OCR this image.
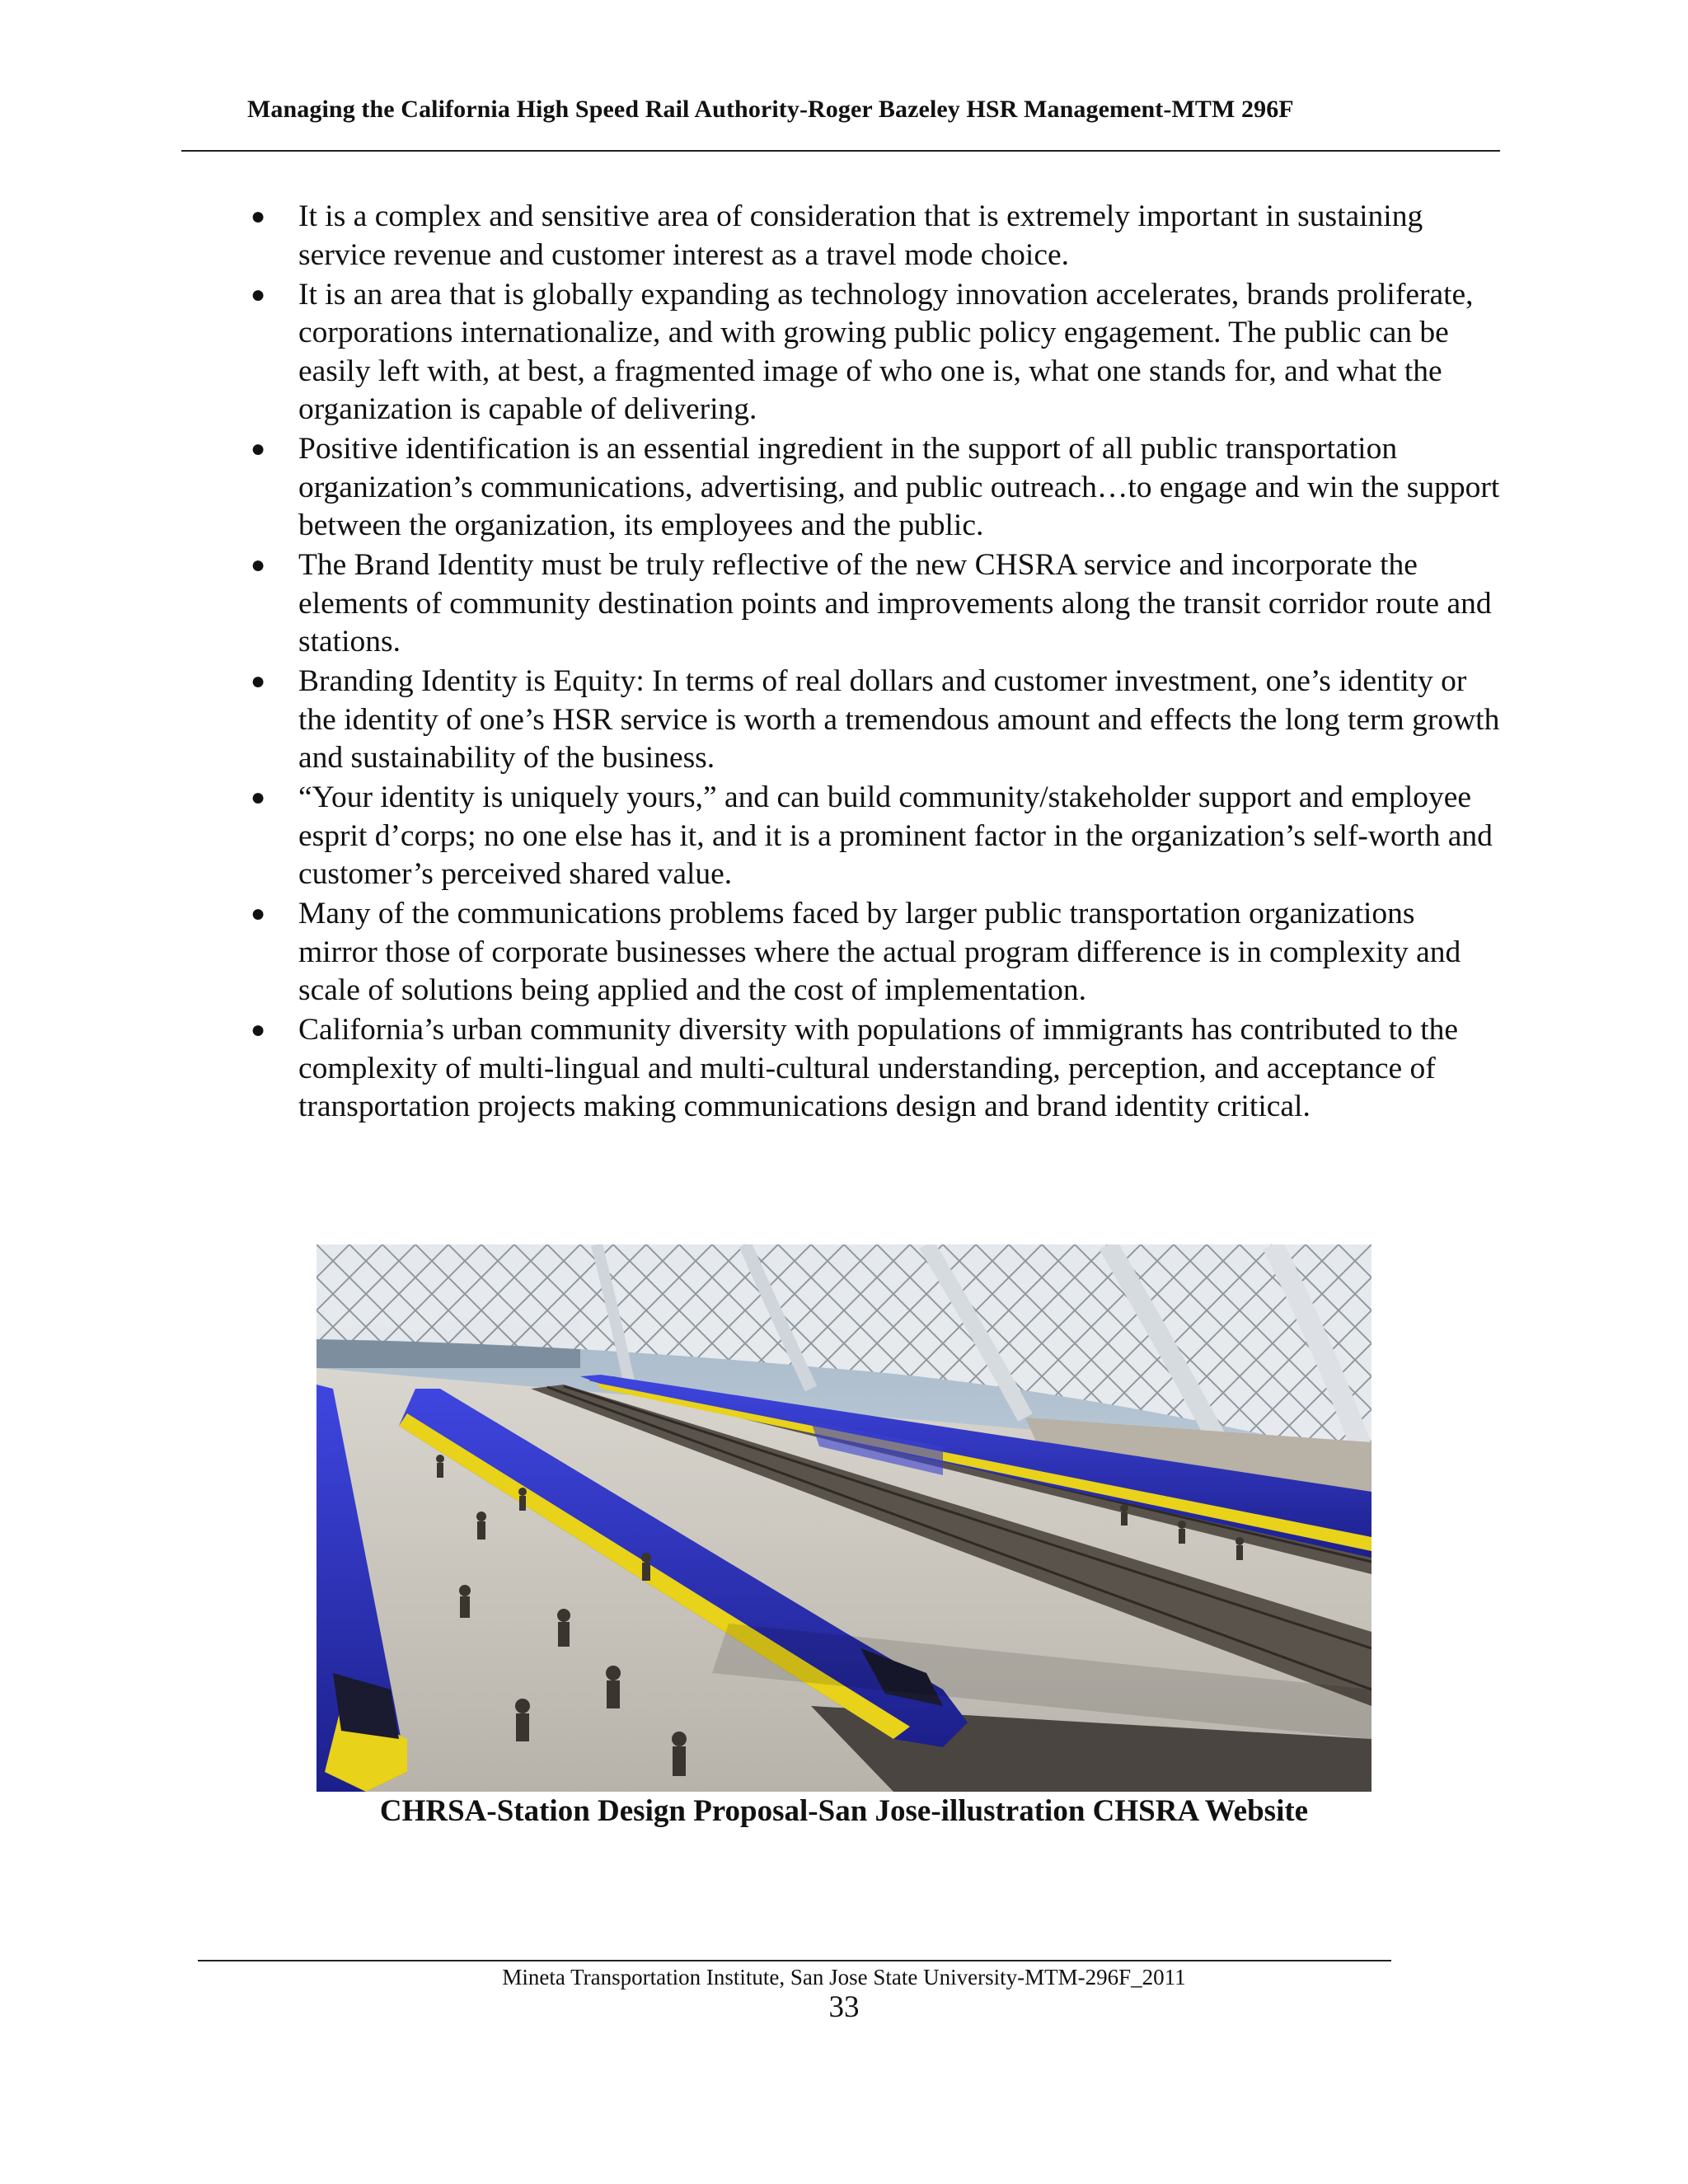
Managing the California High Speed Rail Authority-Roger Bazeley HSR Management-MTM 296F
● It is a complex and sensitive area of consideration that is extremely important in sustaining service revenue and customer interest as a travel mode choice.
● It is an area that is globally expanding as technology innovation accelerates, brands proliferate, corporations internationalize, and with growing public policy engagement. The public can be easily left with, at best, a fragmented image of who one is, what one stands for, and what the organization is capable of delivering.
● Positive identification is an essential ingredient in the support of all public transportation organization’s communications, advertising, and public outreach…to engage and win the support between the organization, its employees and the public.
● The Brand Identity must be truly reflective of the new CHSRA service and incorporate the elements of community destination points and improvements along the transit corridor route and stations.
● Branding Identity is Equity: In terms of real dollars and customer investment, one’s identity or the identity of one’s HSR service is worth a tremendous amount and effects the long term growth and sustainability of the business.
● “Your identity is uniquely yours,” and can build community/stakeholder support and employee esprit d’corps; no one else has it, and it is a prominent factor in the organization’s self-worth and customer’s perceived shared value.
● Many of the communications problems faced by larger public transportation organizations mirror those of corporate businesses where the actual program difference is in complexity and scale of solutions being applied and the cost of implementation.
● California’s urban community diversity with populations of immigrants has contributed to the complexity of multi-lingual and multi-cultural understanding, perception, and acceptance of transportation projects making communications design and brand identity critical.
CHRSA-Station Design Proposal-San Jose-illustration CHSRA Website
Mineta Transportation Institute, San Jose State University-MTM-296F_2011
33
